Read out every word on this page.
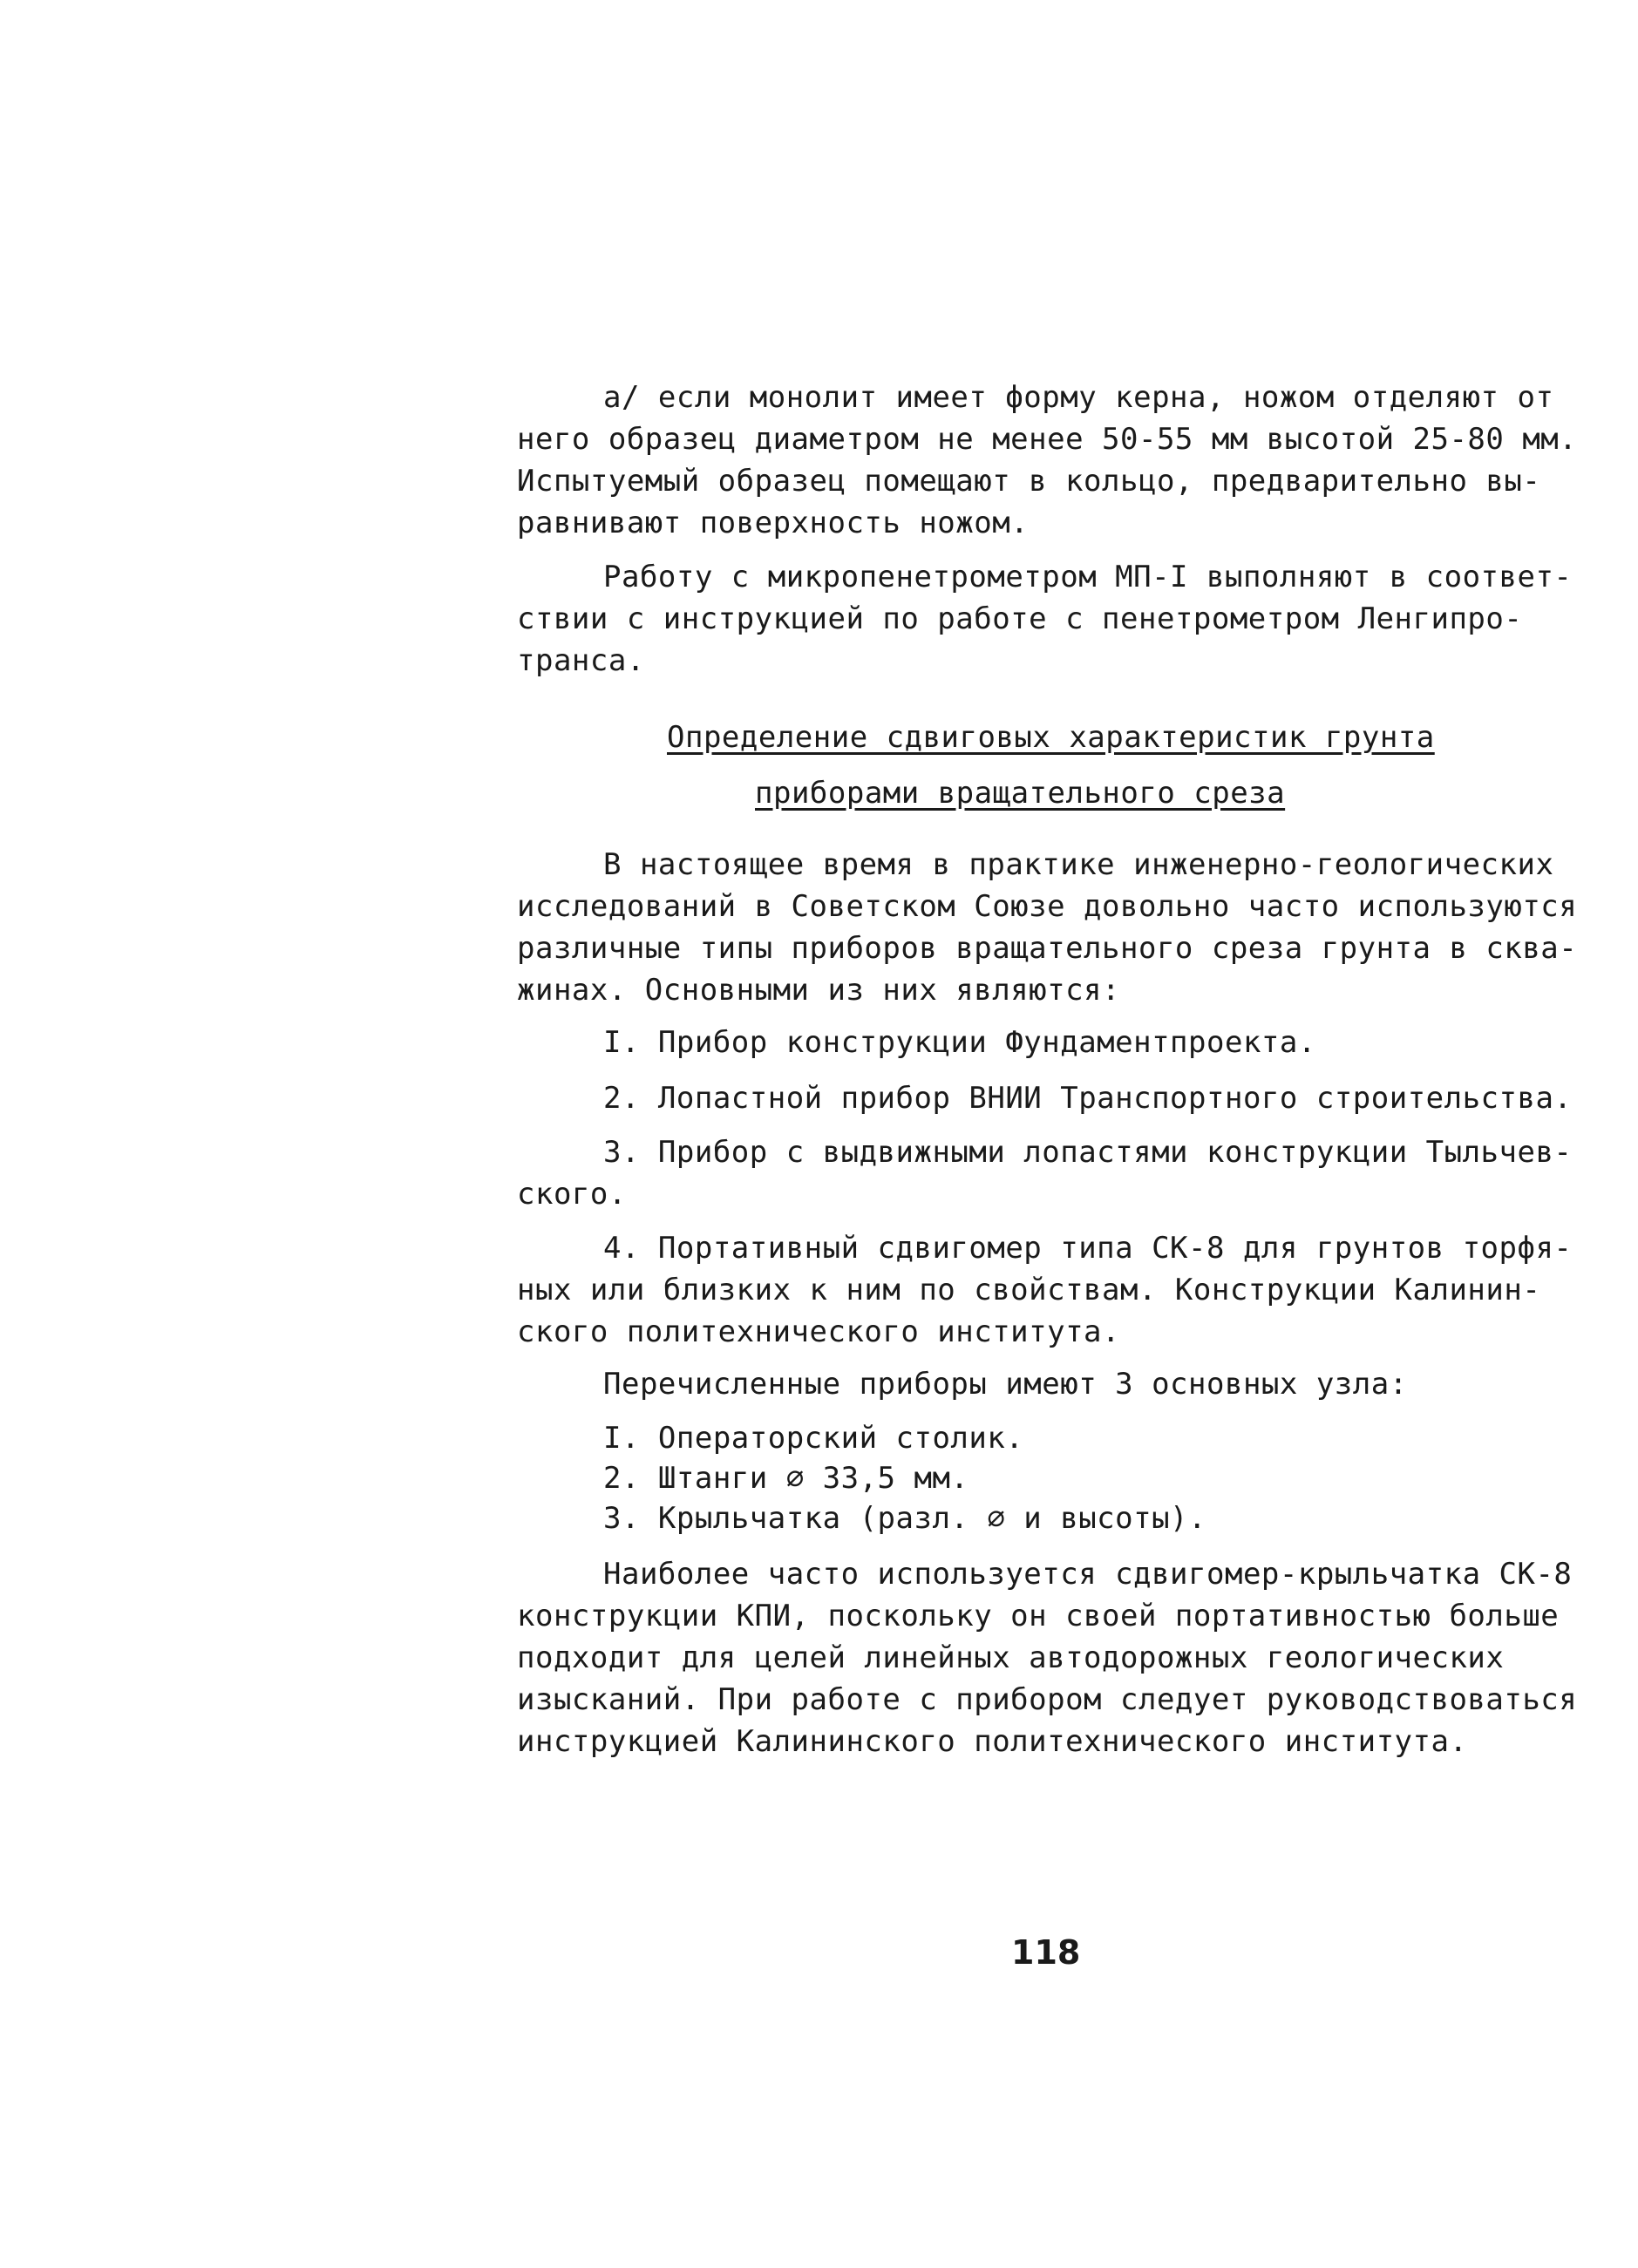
а/ если монолит имеет форму керна, ножом отделяют от

него образец диаметром не менее 50-55 мм высотой 25-80 мм.

Испытуемый образец помещают в кольцо, предварительно вы-

равнивают поверхность ножом.

Работу с микропенетрометром МП-I выполняют в соответ-

ствии с инструкцией по работе с пенетрометром Ленгипро-

транса.

Определение сдвиговых характеристик грунта

приборами вращательного среза

В настоящее время в практике инженерно-геологических

исследований в Советском Союзе довольно часто используются

различные типы приборов вращательного среза грунта в сква-

жинах. Основными из них являются:

I. Прибор конструкции Фундаментпроекта.

2. Лопастной прибор ВНИИ Транспортного строительства.

3. Прибор с выдвижными лопастями конструкции Тыльчев-

ского.

4. Портативный сдвигомер типа СК-8 для грунтов торфя-

ных или близких к ним по свойствам. Конструкции Калинин-

ского политехнического института.

Перечисленные приборы имеют 3 основных узла:

I. Операторский столик.

2. Штанги ∅ 33,5 мм.

3. Крыльчатка (разл. ∅ и высоты).

Наиболее часто используется сдвигомер-крыльчатка СК-8

конструкции КПИ, поскольку он своей портативностью больше

подходит для целей линейных автодорожных геологических

изысканий. При работе с прибором следует руководствоваться

инструкцией Калининского политехнического института.

118
